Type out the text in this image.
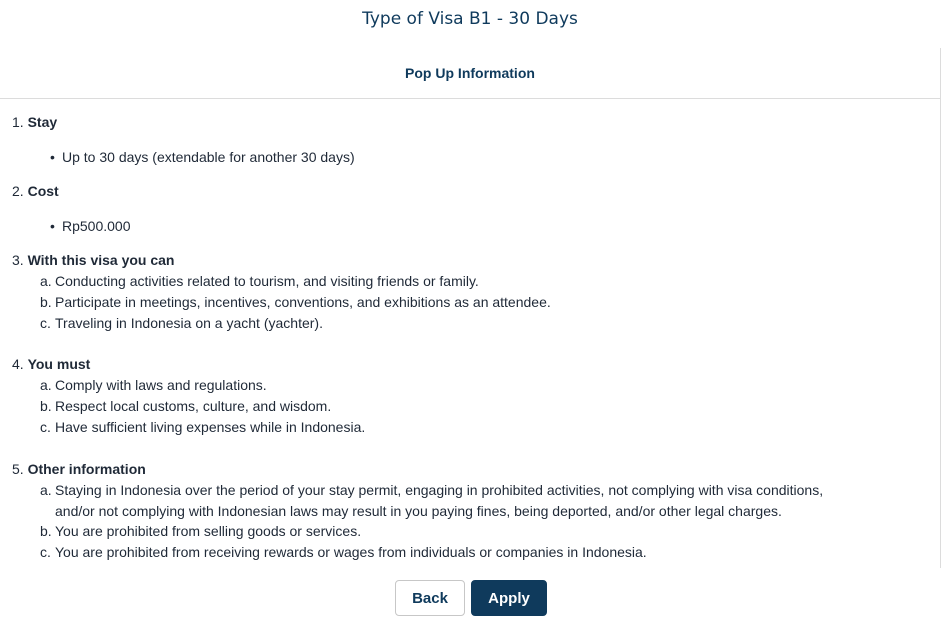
Type of Visa B1 - 30 Days
Pop Up Information
1. Stay
• Up to 30 days (extendable for another 30 days)
2. Cost
• Rp500.000
3. With this visa you can
a. Conducting activities related to tourism, and visiting friends or family.
b. Participate in meetings, incentives, conventions, and exhibitions as an attendee.
c. Traveling in Indonesia on a yacht (yachter).
4. You must
a. Comply with laws and regulations.
b. Respect local customs, culture, and wisdom.
c. Have sufficient living expenses while in Indonesia.
5. Other information
a. Staying in Indonesia over the period of your stay permit, engaging in prohibited activities, not complying with visa conditions,
and/or not complying with Indonesian laws may result in you paying fines, being deported, and/or other legal charges.
b. You are prohibited from selling goods or services.
c. You are prohibited from receiving rewards or wages from individuals or companies in Indonesia.
Back	Apply
